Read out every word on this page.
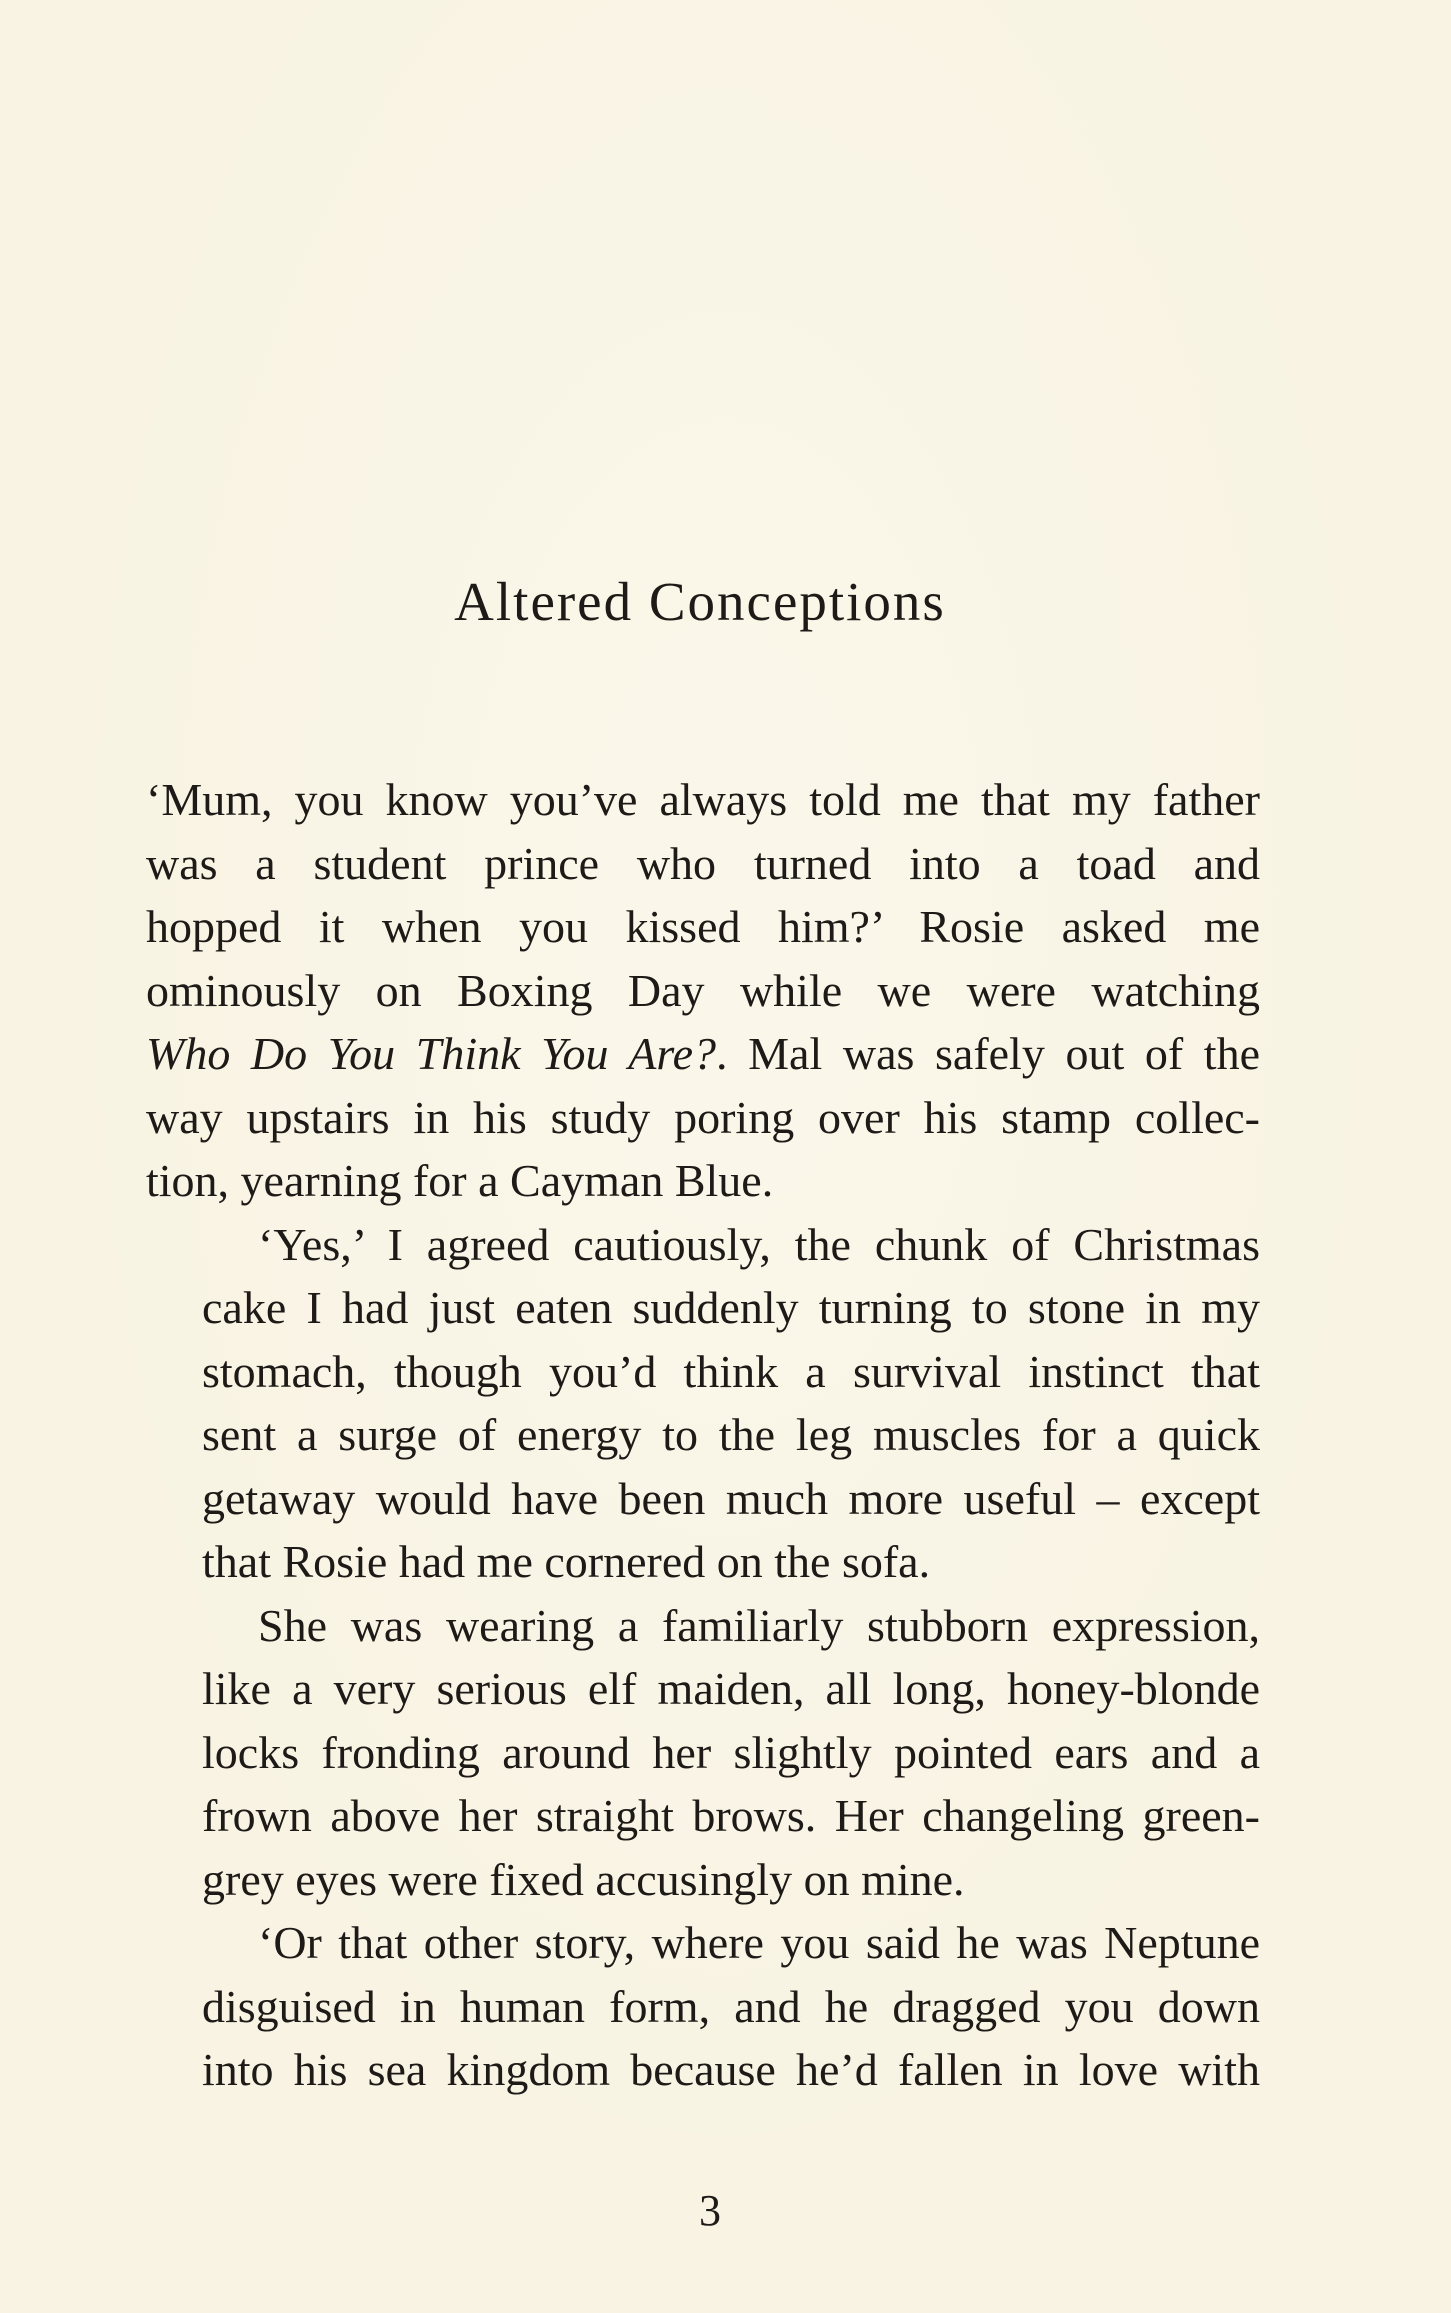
Altered Conceptions
‘Mum, you know you’ve always told me that my father
was a student prince who turned into a toad and
hopped it when you kissed him?’ Rosie asked me
ominously on Boxing Day while we were watching
Who Do You Think You Are?. Mal was safely out of the
way upstairs in his study poring over his stamp collec-
tion, yearning for a Cayman Blue.
‘Yes,’ I agreed cautiously, the chunk of Christmas
cake I had just eaten suddenly turning to stone in my
stomach, though you’d think a survival instinct that
sent a surge of energy to the leg muscles for a quick
getaway would have been much more useful – except
that Rosie had me cornered on the sofa.
She was wearing a familiarly stubborn expression,
like a very serious elf maiden, all long, honey-blonde
locks fronding around her slightly pointed ears and a
frown above her straight brows. Her changeling green-
grey eyes were fixed accusingly on mine.
‘Or that other story, where you said he was Neptune
disguised in human form, and he dragged you down
into his sea kingdom because he’d fallen in love with
3
